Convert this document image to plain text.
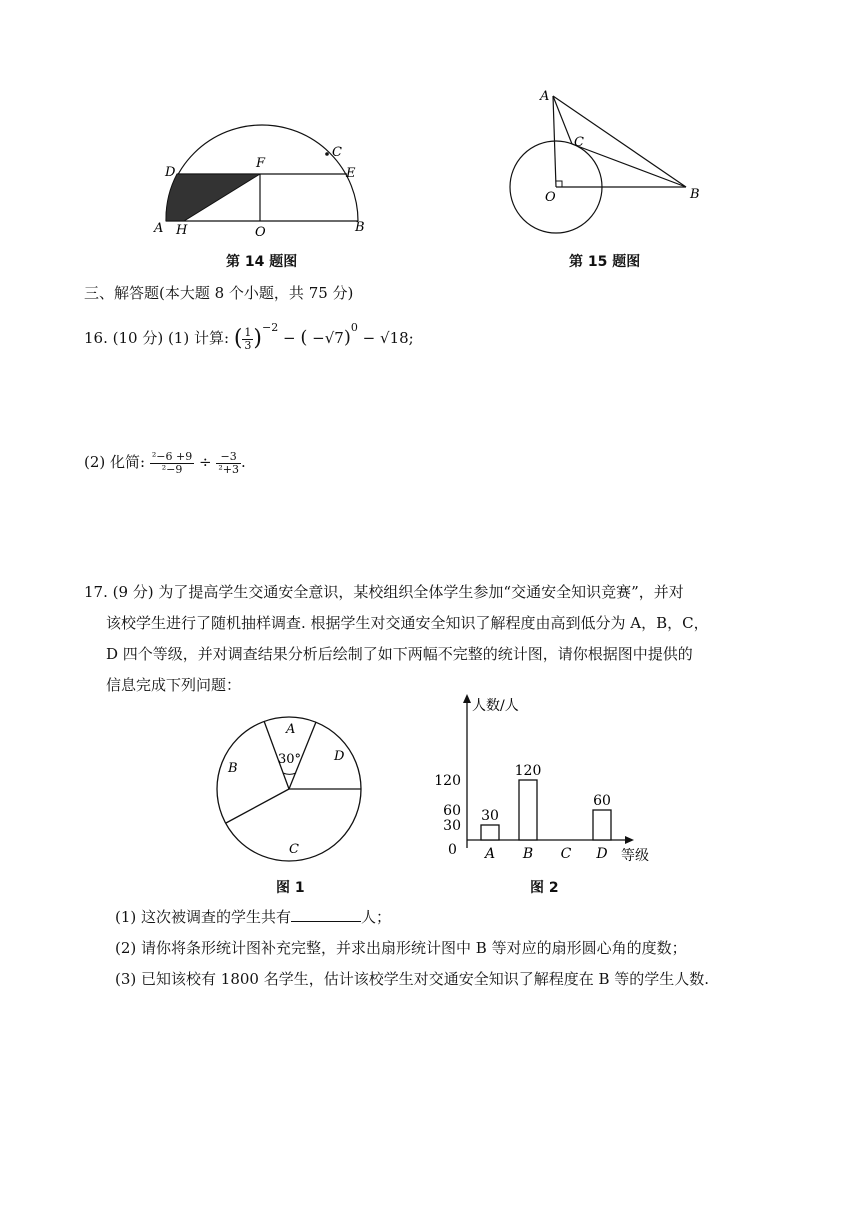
A H	O	B
D
F
E
C
第 14 题图
A
C
O	B
第 15 题图
三、解答题(本大题 8 个小题，共 75 分)
16. (10 分) (1) 计算: ( $\frac{1}{3} )^{-2}$ − ( −√7)$^0$ − √18;
(2) 化简: $\frac{\text{²−6 +9}}{\text{²−9}} \div \frac{-3}{\text{²+3}}$ .
17. (9 分) 为了提高学生交通安全意识，某校组织全体学生参加“交通安全知识竞赛”，并对
该校学生进行了随机抽样调查. 根据学生对交通安全知识了解程度由高到低分为 A，B，C，
D 四个等级，并对调查结果分析后绘制了如下两幅不完整的统计图，请你根据图中提供的
信息完成下列问题：
A
30°
B
D
C
图 1
人数/人
等级
0
30
60
120
30
A
120
B C
60
D
图 2
(1) 这次被调查的学生共有	人；
(2) 请你将条形统计图补充完整，并求出扇形统计图中 B 等对应的扇形圆心角的度数；
(3) 已知该校有 1800 名学生，估计该校学生对交通安全知识了解程度在 B 等的学生人数.
